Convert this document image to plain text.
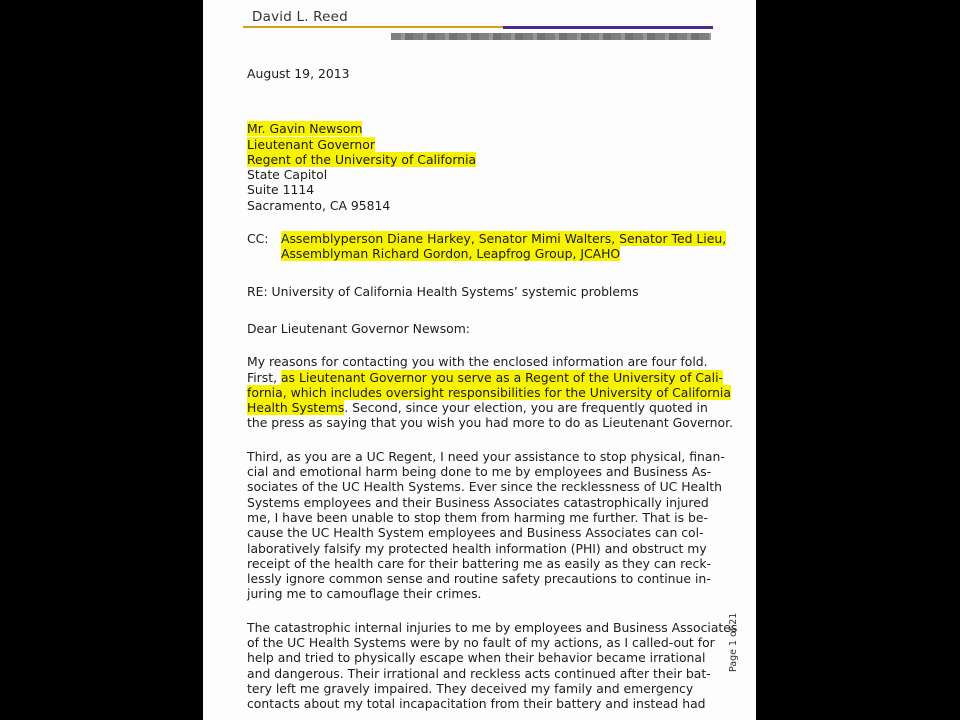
David L. Reed
August 19, 2013
Mr. Gavin Newsom
Lieutenant Governor
Regent of the University of California
State Capitol
Suite 1114
Sacramento, CA 95814
CC:	Assemblyperson Diane Harkey, Senator Mimi Walters, Senator Ted Lieu,
Assemblyman Richard Gordon, Leapfrog Group, JCAHO
RE: University of California Health Systems’ systemic problems
Dear Lieutenant Governor Newsom:
My reasons for contacting you with the enclosed information are four fold.
First, as Lieutenant Governor you serve as a Regent of the University of Cali-
fornia, which includes oversight responsibilities for the University of California
Health Systems. Second, since your election, you are frequently quoted in
the press as saying that you wish you had more to do as Lieutenant Governor.
Third, as you are a UC Regent, I need your assistance to stop physical, finan-
cial and emotional harm being done to me by employees and Business As-
sociates of the UC Health Systems. Ever since the recklessness of UC Health
Systems employees and their Business Associates catastrophically injured
me, I have been unable to stop them from harming me further. That is be-
cause the UC Health System employees and Business Associates can col-
laboratively falsify my protected health information (PHI) and obstruct my
receipt of the health care for their battering me as easily as they can reck-
lessly ignore common sense and routine safety precautions to continue in-
juring me to camouflage their crimes.
The catastrophic internal injuries to me by employees and Business Associates
of the UC Health Systems were by no fault of my actions, as I called-out for
help and tried to physically escape when their behavior became irrational
and dangerous. Their irrational and reckless acts continued after their bat-
tery left me gravely impaired. They deceived my family and emergency
contacts about my total incapacitation from their battery and instead had
Page 1 of 21
